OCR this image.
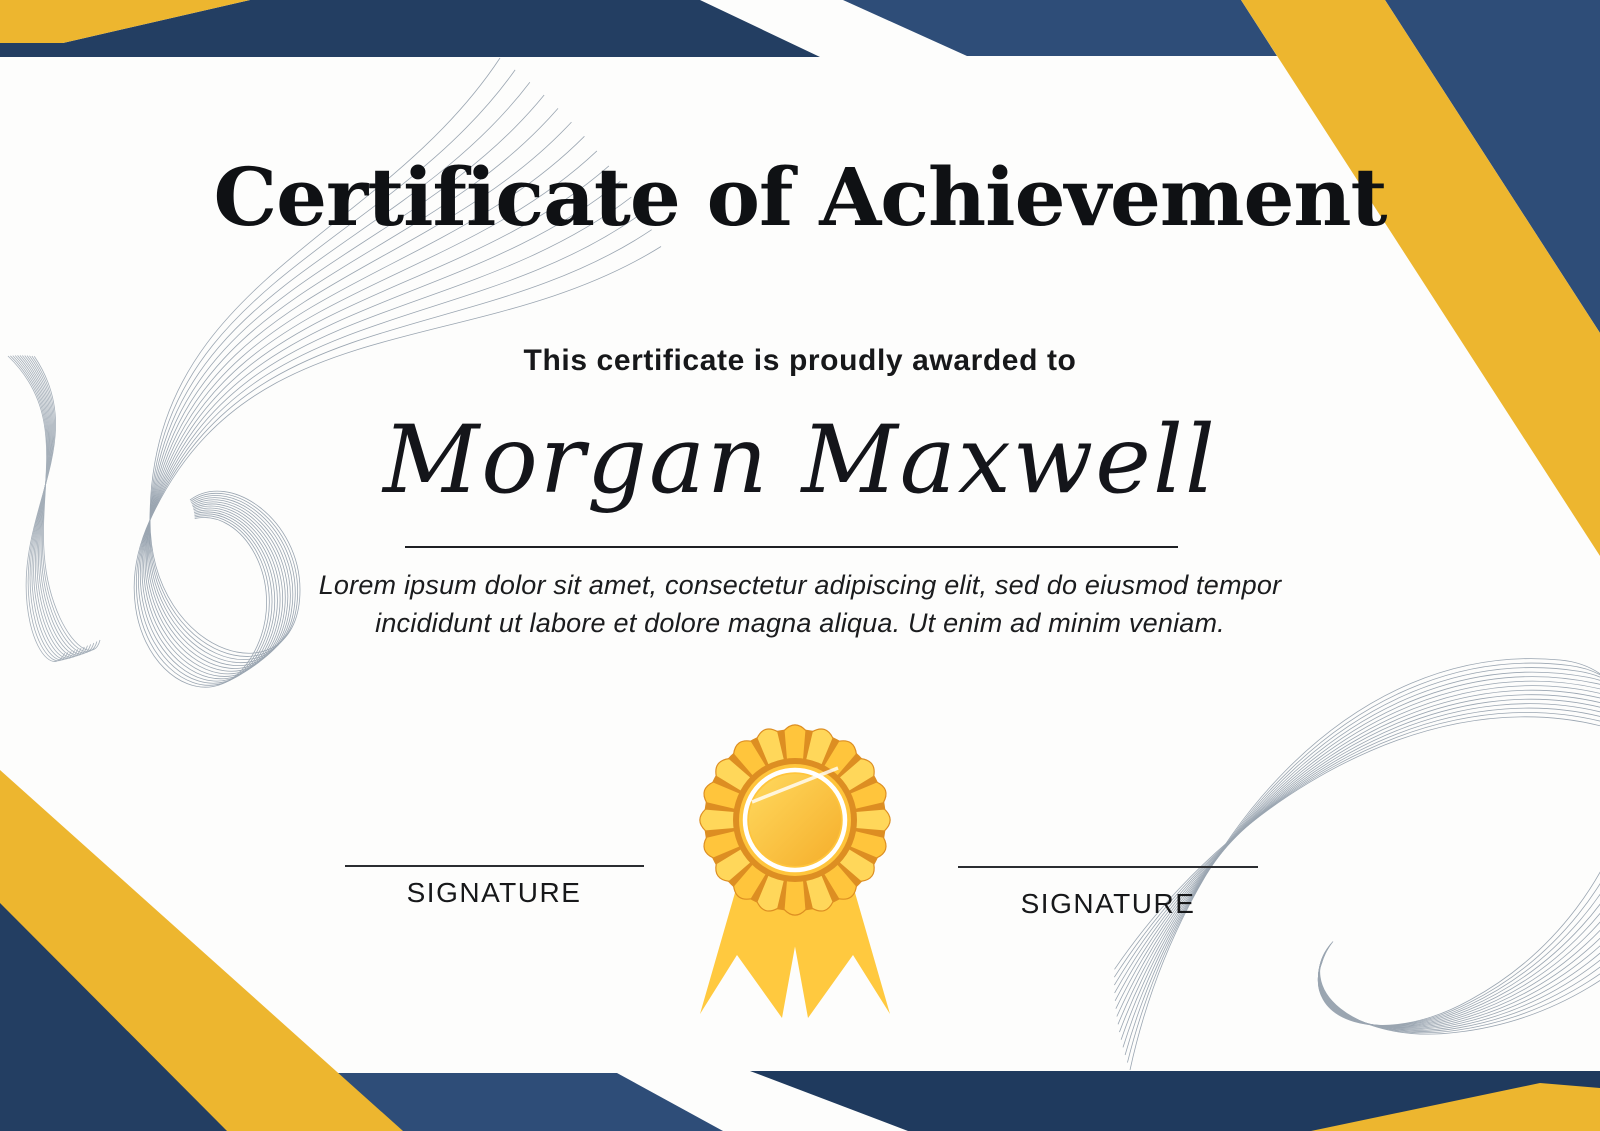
Certificate of Achievement
This certificate is proudly awarded to
Morgan Maxwell
Lorem ipsum dolor sit amet, consectetur adipiscing elit, sed do eiusmod tempor
incididunt ut labore et dolore magna aliqua. Ut enim ad minim veniam.
SIGNATURE	SIGNATURE
